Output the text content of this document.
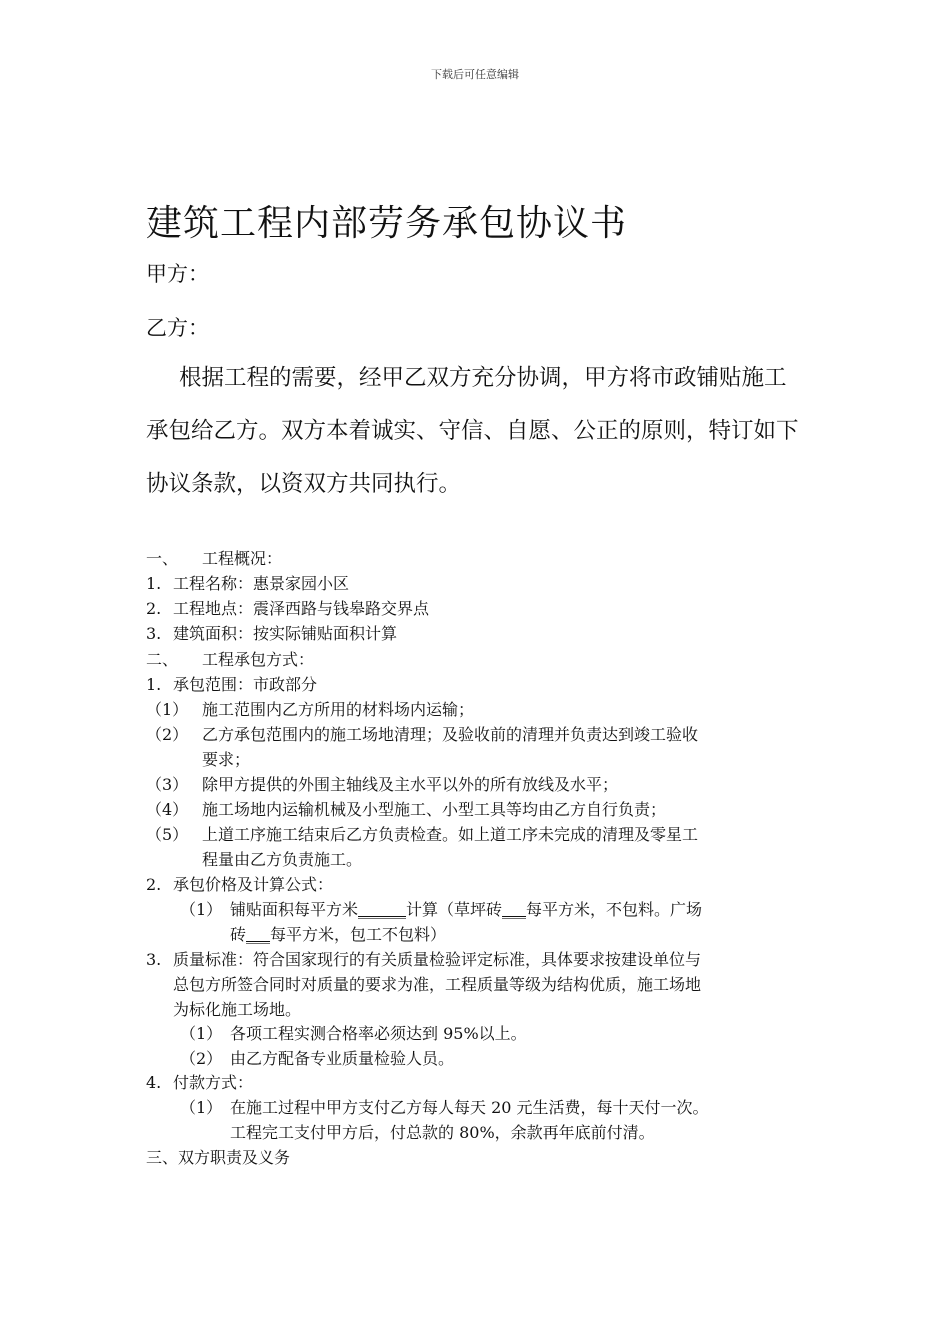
下载后可任意编辑
建筑工程内部劳务承包协议书
甲方：
乙方：
根据工程的需要，经甲乙双方充分协调，甲方将市政铺贴施工承包给乙方。双方本着诚实、守信、自愿、公正的原则，特订如下协议条款，以资双方共同执行。
一、 工程概况：
1. 工程名称：惠景家园小区
2. 工程地点：震泽西路与钱皋路交界点
3. 建筑面积：按实际铺贴面积计算
二、 工程承包方式：
1. 承包范围：市政部分
（1） 施工范围内乙方所用的材料场内运输；
（2） 乙方承包范围内的施工场地清理；及验收前的清理并负责达到竣工验收
要求；
（3） 除甲方提供的外围主轴线及主水平以外的所有放线及水平；
（4） 施工场地内运输机械及小型施工、小型工具等均由乙方自行负责；
（5） 上道工序施工结束后乙方负责检查。如上道工序未完成的清理及零星工
程量由乙方负责施工。
2. 承包价格及计算公式：
（1） 铺贴面积每平方米______计算（草坪砖___每平方米，不包料。广场
砖___每平方米，包工不包料）
3. 质量标准：符合国家现行的有关质量检验评定标准，具体要求按建设单位与
总包方所签合同时对质量的要求为准，工程质量等级为结构优质，施工场地
为标化施工场地。
（1） 各项工程实测合格率必须达到 95%以上。
（2） 由乙方配备专业质量检验人员。
4. 付款方式：
（1） 在施工过程中甲方支付乙方每人每天 20 元生活费，每十天付一次。
工程完工支付甲方后，付总款的 80%，余款再年底前付清。
三、双方职责及义务
